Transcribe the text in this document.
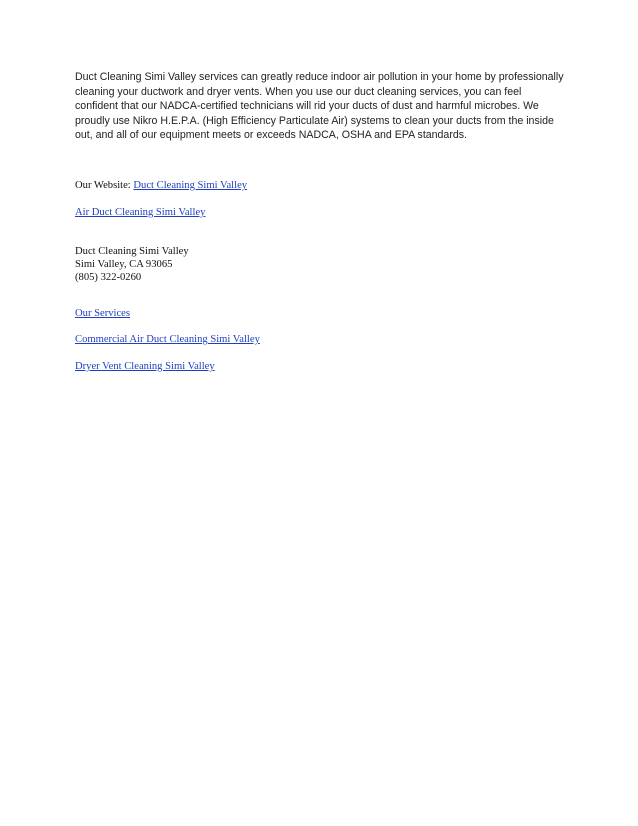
Duct Cleaning Simi Valley services can greatly reduce indoor air pollution in your home by professionally cleaning your ductwork and dryer vents. When you use our duct cleaning services, you can feel confident that our NADCA-certified technicians will rid your ducts of dust and harmful microbes. We proudly use Nikro H.E.P.A. (High Efficiency Particulate Air) systems to clean your ducts from the inside out, and all of our equipment meets or exceeds NADCA, OSHA and EPA standards.

Our Website: Duct Cleaning Simi Valley

Air Duct Cleaning Simi Valley

Duct Cleaning Simi Valley
Simi Valley, CA 93065
(805) 322-0260

Our Services

Commercial Air Duct Cleaning Simi Valley

Dryer Vent Cleaning Simi Valley
